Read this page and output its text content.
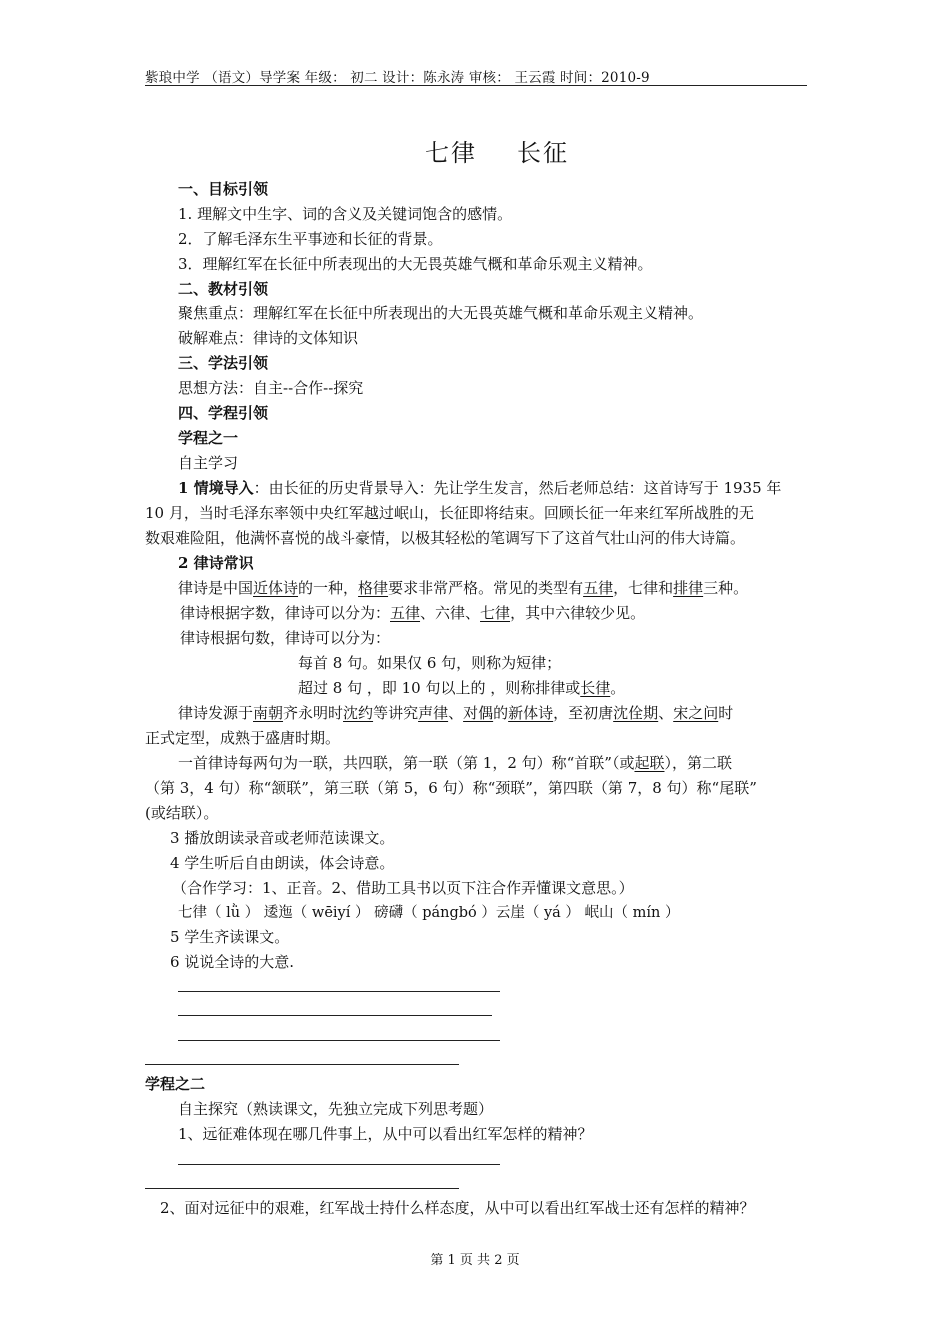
紫琅中学 （语文）导学案 年级： 初二 设计：陈永涛 审核： 王云霞 时间：2010-9
七律 长征
一、目标引领
1. 理解文中生字、词的含义及关键词饱含的感情。
2．了解毛泽东生平事迹和长征的背景。
3．理解红军在长征中所表现出的大无畏英雄气概和革命乐观主义精神。
二、教材引领
聚焦重点：理解红军在长征中所表现出的大无畏英雄气概和革命乐观主义精神。
破解难点：律诗的文体知识
三、学法引领
思想方法：自主--合作--探究
四、学程引领
学程之一
自主学习
1 情境导入：由长征的历史背景导入：先让学生发言，然后老师总结：这首诗写于 1935 年
10 月，当时毛泽东率领中央红军越过岷山，长征即将结束。回顾长征一年来红军所战胜的无
数艰难险阻，他满怀喜悦的战斗豪情，以极其轻松的笔调写下了这首气壮山河的伟大诗篇。
2 律诗常识
律诗是中国近体诗的一种，格律要求非常严格。常见的类型有五律，七律和排律三种。
律诗根据字数，律诗可以分为：五律、六律、七律，其中六律较少见。
律诗根据句数，律诗可以分为：
每首 8 句。如果仅 6 句，则称为短律；
超过 8 句 ，即 10 句以上的 ，则称排律或长律。
律诗发源于南朝齐永明时沈约等讲究声律、对偶的新体诗，至初唐沈佺期、宋之问时
正式定型，成熟于盛唐时期。
一首律诗每两句为一联，共四联，第一联（第 1，2 句）称“首联”（或起联），第二联
（第 3，4 句）称“颔联”，第三联（第 5，6 句）称“颈联”，第四联（第 7，8 句）称“尾联”
(或结联）。
3 播放朗读录音或老师范读课文。
4 学生听后自由朗读，体会诗意。
（合作学习：1、正音。2、借助工具书以页下注合作弄懂课文意思。）
七律（ lǜ ） 逶迤（ wēiyí ） 磅礴（ pángbó ）云崖（ yá ） 岷山（ mín ）
5 学生齐读课文。
6 说说全诗的大意.
学程之二
自主探究（熟读课文，先独立完成下列思考题）
1、远征难体现在哪几件事上，从中可以看出红军怎样的精神？
2、面对远征中的艰难，红军战士持什么样态度，从中可以看出红军战士还有怎样的精神？
第 1 页 共 2 页
